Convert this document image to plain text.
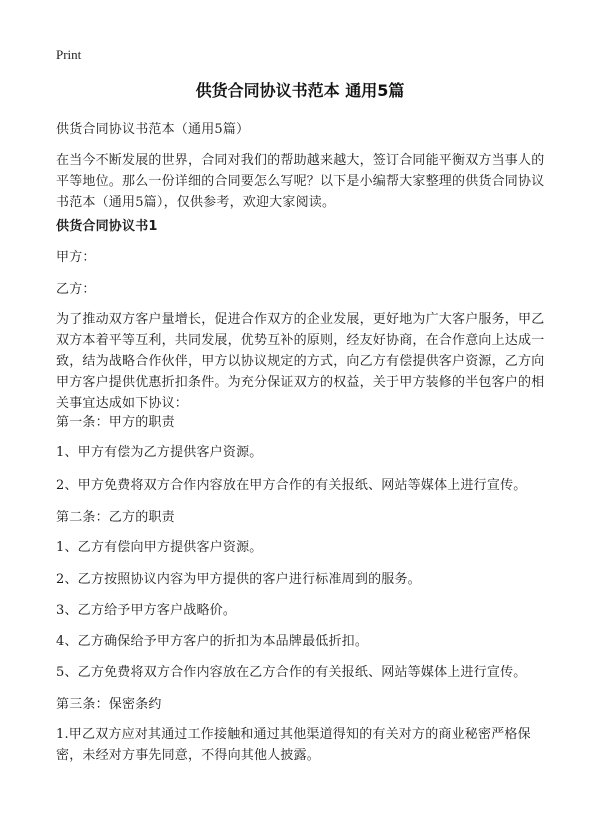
Print
供货合同协议书范本 通用5篇
供货合同协议书范本（通用5篇）
在当今不断发展的世界，合同对我们的帮助越来越大，签订合同能平衡双方当事人的平等地位。那么一份详细的合同要怎么写呢？以下是小编帮大家整理的供货合同协议书范本（通用5篇），仅供参考，欢迎大家阅读。
供货合同协议书1
甲方：
乙方：
为了推动双方客户量增长，促进合作双方的企业发展，更好地为广大客户服务，甲乙双方本着平等互利，共同发展，优势互补的原则，经友好协商，在合作意向上达成一致，结为战略合作伙伴，甲方以协议规定的方式，向乙方有偿提供客户资源，乙方向甲方客户提供优惠折扣条件。为充分保证双方的权益，关于甲方装修的半包客户的相关事宜达成如下协议：
第一条：甲方的职责
1、甲方有偿为乙方提供客户资源。
2、甲方免费将双方合作内容放在甲方合作的有关报纸、网站等媒体上进行宣传。
第二条：乙方的职责
1、乙方有偿向甲方提供客户资源。
2、乙方按照协议内容为甲方提供的客户进行标准周到的服务。
3、乙方给予甲方客户战略价。
4、乙方确保给予甲方客户的折扣为本品牌最低折扣。
5、乙方免费将双方合作内容放在乙方合作的有关报纸、网站等媒体上进行宣传。
第三条：保密条约
1.甲乙双方应对其通过工作接触和通过其他渠道得知的有关对方的商业秘密严格保密，未经对方事先同意，不得向其他人披露。
